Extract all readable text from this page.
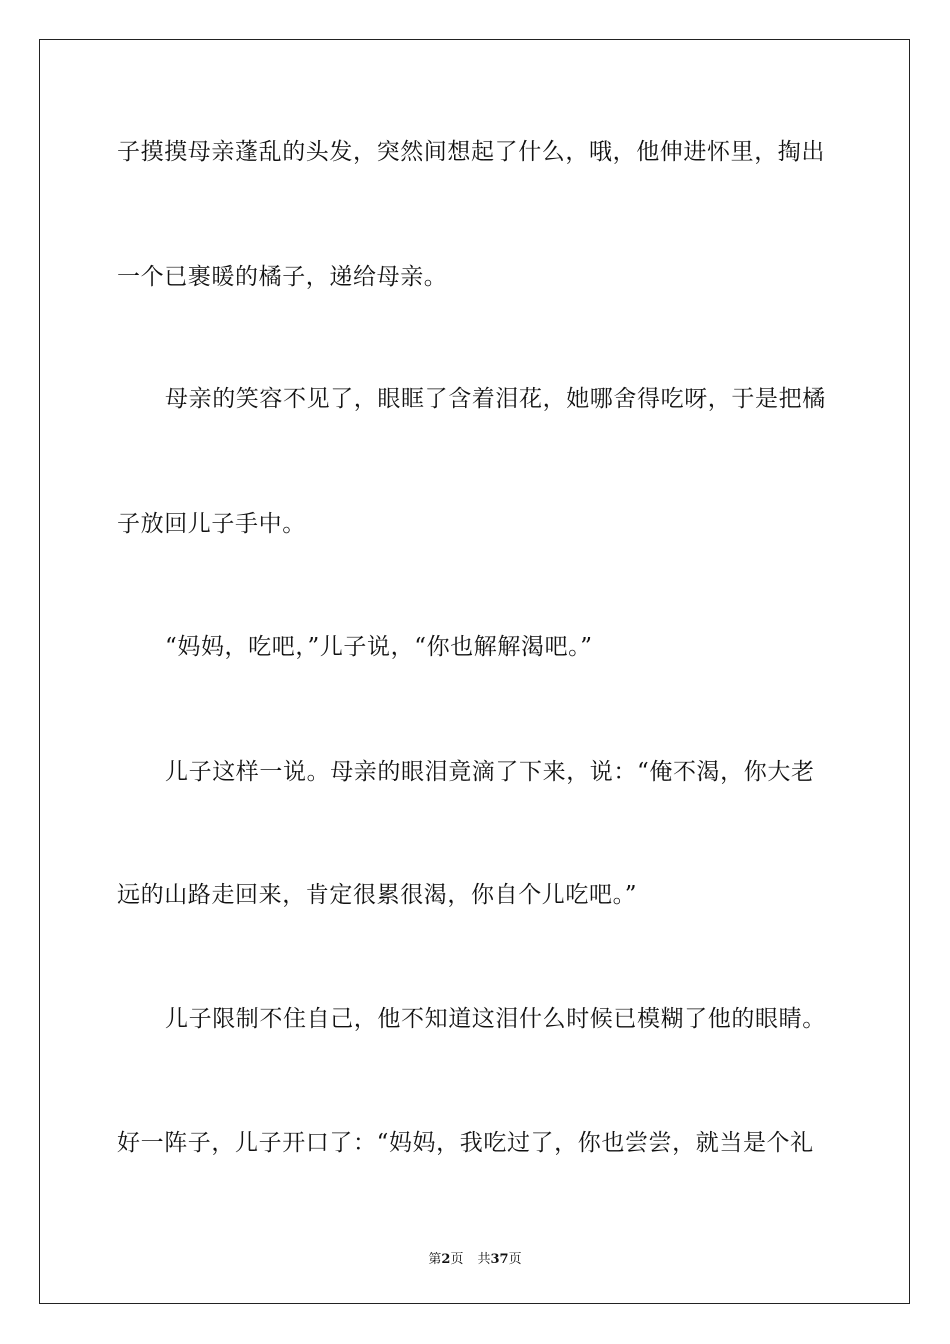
子摸摸母亲蓬乱的头发，突然间想起了什么，哦，他伸进怀里，掏出

一个已裹暖的橘子，递给母亲。

母亲的笑容不见了，眼眶了含着泪花，她哪舍得吃呀，于是把橘

子放回儿子手中。

“妈妈，吃吧，”儿子说，“你也解解渴吧。”

儿子这样一说。母亲的眼泪竟滴了下来，说：“俺不渴，你大老

远的山路走回来，肯定很累很渴，你自个儿吃吧。”

儿子限制不住自己，他不知道这泪什么时候已模糊了他的眼睛。

好一阵子，儿子开口了：“妈妈，我吃过了，你也尝尝，就当是个礼

第2页 共37页
